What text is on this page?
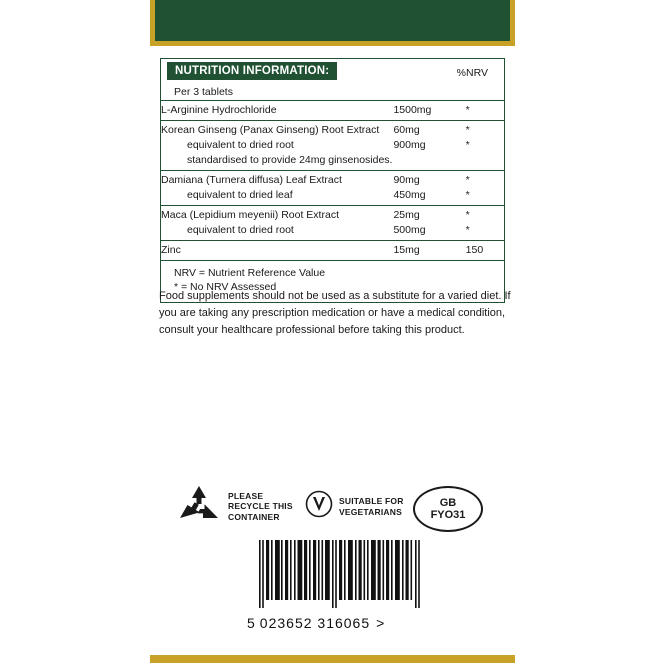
NUTRITION INFORMATION:	%NRV
Per 3 tablets		
L-Arginine Hydrochloride	1500mg	*
Korean Ginseng (Panax Ginseng) Root Extract	60mg	*
equivalent to dried root	900mg	*
standardised to provide 24mg ginsenosides.		
Damiana (Turnera diffusa) Leaf Extract	90mg	*
equivalent to dried leaf	450mg	*
Maca (Lepidium meyenii) Root Extract	25mg	*
equivalent to dried root	500mg	*
Zinc	15mg	150
NRV = Nutrient Reference Value
* = No NRV Assessed
Food supplements should not be used as a substitute for a varied diet. If you are taking any prescription medication or have a medical condition, consult your healthcare professional before taking this product.
PLEASE
RECYCLE THIS
CONTAINER
SUITABLE FOR
VEGETARIANS
GB
FYO31
5 023652 316065 >
